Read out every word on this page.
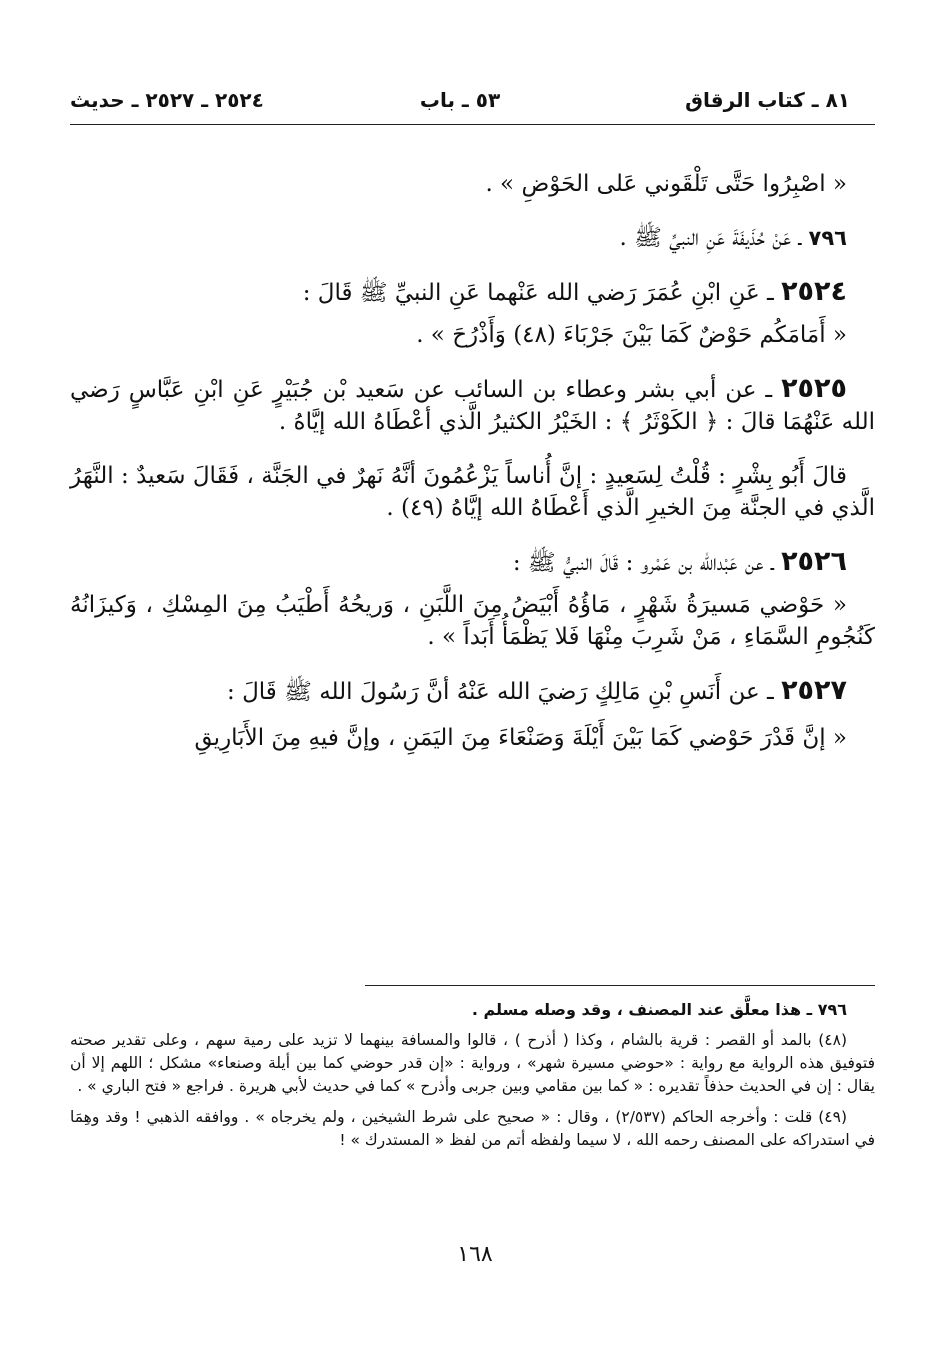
٨١ ـ كتاب الرقاق
٥٣ ـ باب
٢٥٢٤ ـ ٢٥٢٧ ـ حديث

« اصْبِرُوا حَتَّى تَلْقَوني عَلى الحَوْضِ » .

٧٩٦ ـ عَنْ حُذَيفَةَ عَنِ النبيِّ ﷺ .

٢٥٢٤ ـ عَنِ ابْنِ عُمَرَ رَضي الله عَنْهما عَنِ النبيِّ ﷺ قَالَ :

« أَمَامَكُم حَوْضٌ كَمَا بَيْنَ جَرْبَاءَ (٤٨) وَأَذْرُحَ » .

٢٥٢٥ ـ عن أبي بشر وعطاء بن السائب عن سَعيد بْن جُبَيْرٍ عَنِ ابْنِ عَبَّاسٍ رَضي الله عَنْهُمَا قالَ : ﴿ الكَوْثَرُ ﴾ : الخَيْرُ الكثيرُ الَّذي أعْطَاهُ الله إيَّاهُ .

قالَ أَبُو بِشْرٍ : قُلْتُ لِسَعيدٍ : إنَّ أُناساً يَزْعُمُونَ أنَّهُ نَهرٌ في الجَنَّة ، فَقَالَ سَعيدٌ : النَّهَرُ الَّذي في الجنَّة مِنَ الخيرِ الَّذي أَعْطَاهُ الله إيَّاهُ (٤٩) .

٢٥٢٦ ـ عن عَبْدالله بن عَمْرو : قَالَ النبيُّ ﷺ :

« حَوْضي مَسيرَةُ شَهْرٍ ، مَاؤُهُ أَبْيَضُ مِنَ اللَّبَنِ ، وَريحُهُ أَطْيَبُ مِنَ المِسْكِ ، وَكيزَانُهُ كَنُجُومِ السَّمَاءِ ، مَنْ شَرِبَ مِنْهَا فَلا يَظْمَأُ أَبَداً » .

٢٥٢٧ ـ عن أَنَسِ بْنِ مَالِكٍ رَضيَ الله عَنْهُ أنَّ رَسُولَ الله ﷺ قَالَ :

« إنَّ قَدْرَ حَوْضي كَمَا بَيْنَ أَيْلَةَ وَصَنْعَاءَ مِنَ اليَمَنِ ، وإنَّ فيهِ مِنَ الأَبَارِيقِ

٧٩٦ ـ هذا معلَّق عند المصنف ، وقد وصله مسلم .

(٤٨) بالمد أو القصر : قرية بالشام ، وكذا ( أذرح ) ، قالوا والمسافة بينهما لا تزيد على رمية سهم ، وعلى تقدير صحته فتوفيق هذه الرواية مع رواية : «حوضي مسيرة شهر» ، ورواية : «إن قدر حوضي كما بين أيلة وصنعاء» مشكل ؛ اللهم إلا أن يقال : إن في الحديث حذفاً تقديره : « كما بين مقامي وبين جربى وأذرح » كما في حديث لأبي هريرة . فراجع « فتح الباري » .

(٤٩) قلت : وأخرجه الحاكم (٢/٥٣٧) ، وقال : « صحيح على شرط الشيخين ، ولم يخرجاه » . ووافقه الذهبي ! وقد وهِمَا في استدراكه على المصنف رحمه الله ، لا سيما ولفظه أتم من لفظ « المستدرك » !

١٦٨
